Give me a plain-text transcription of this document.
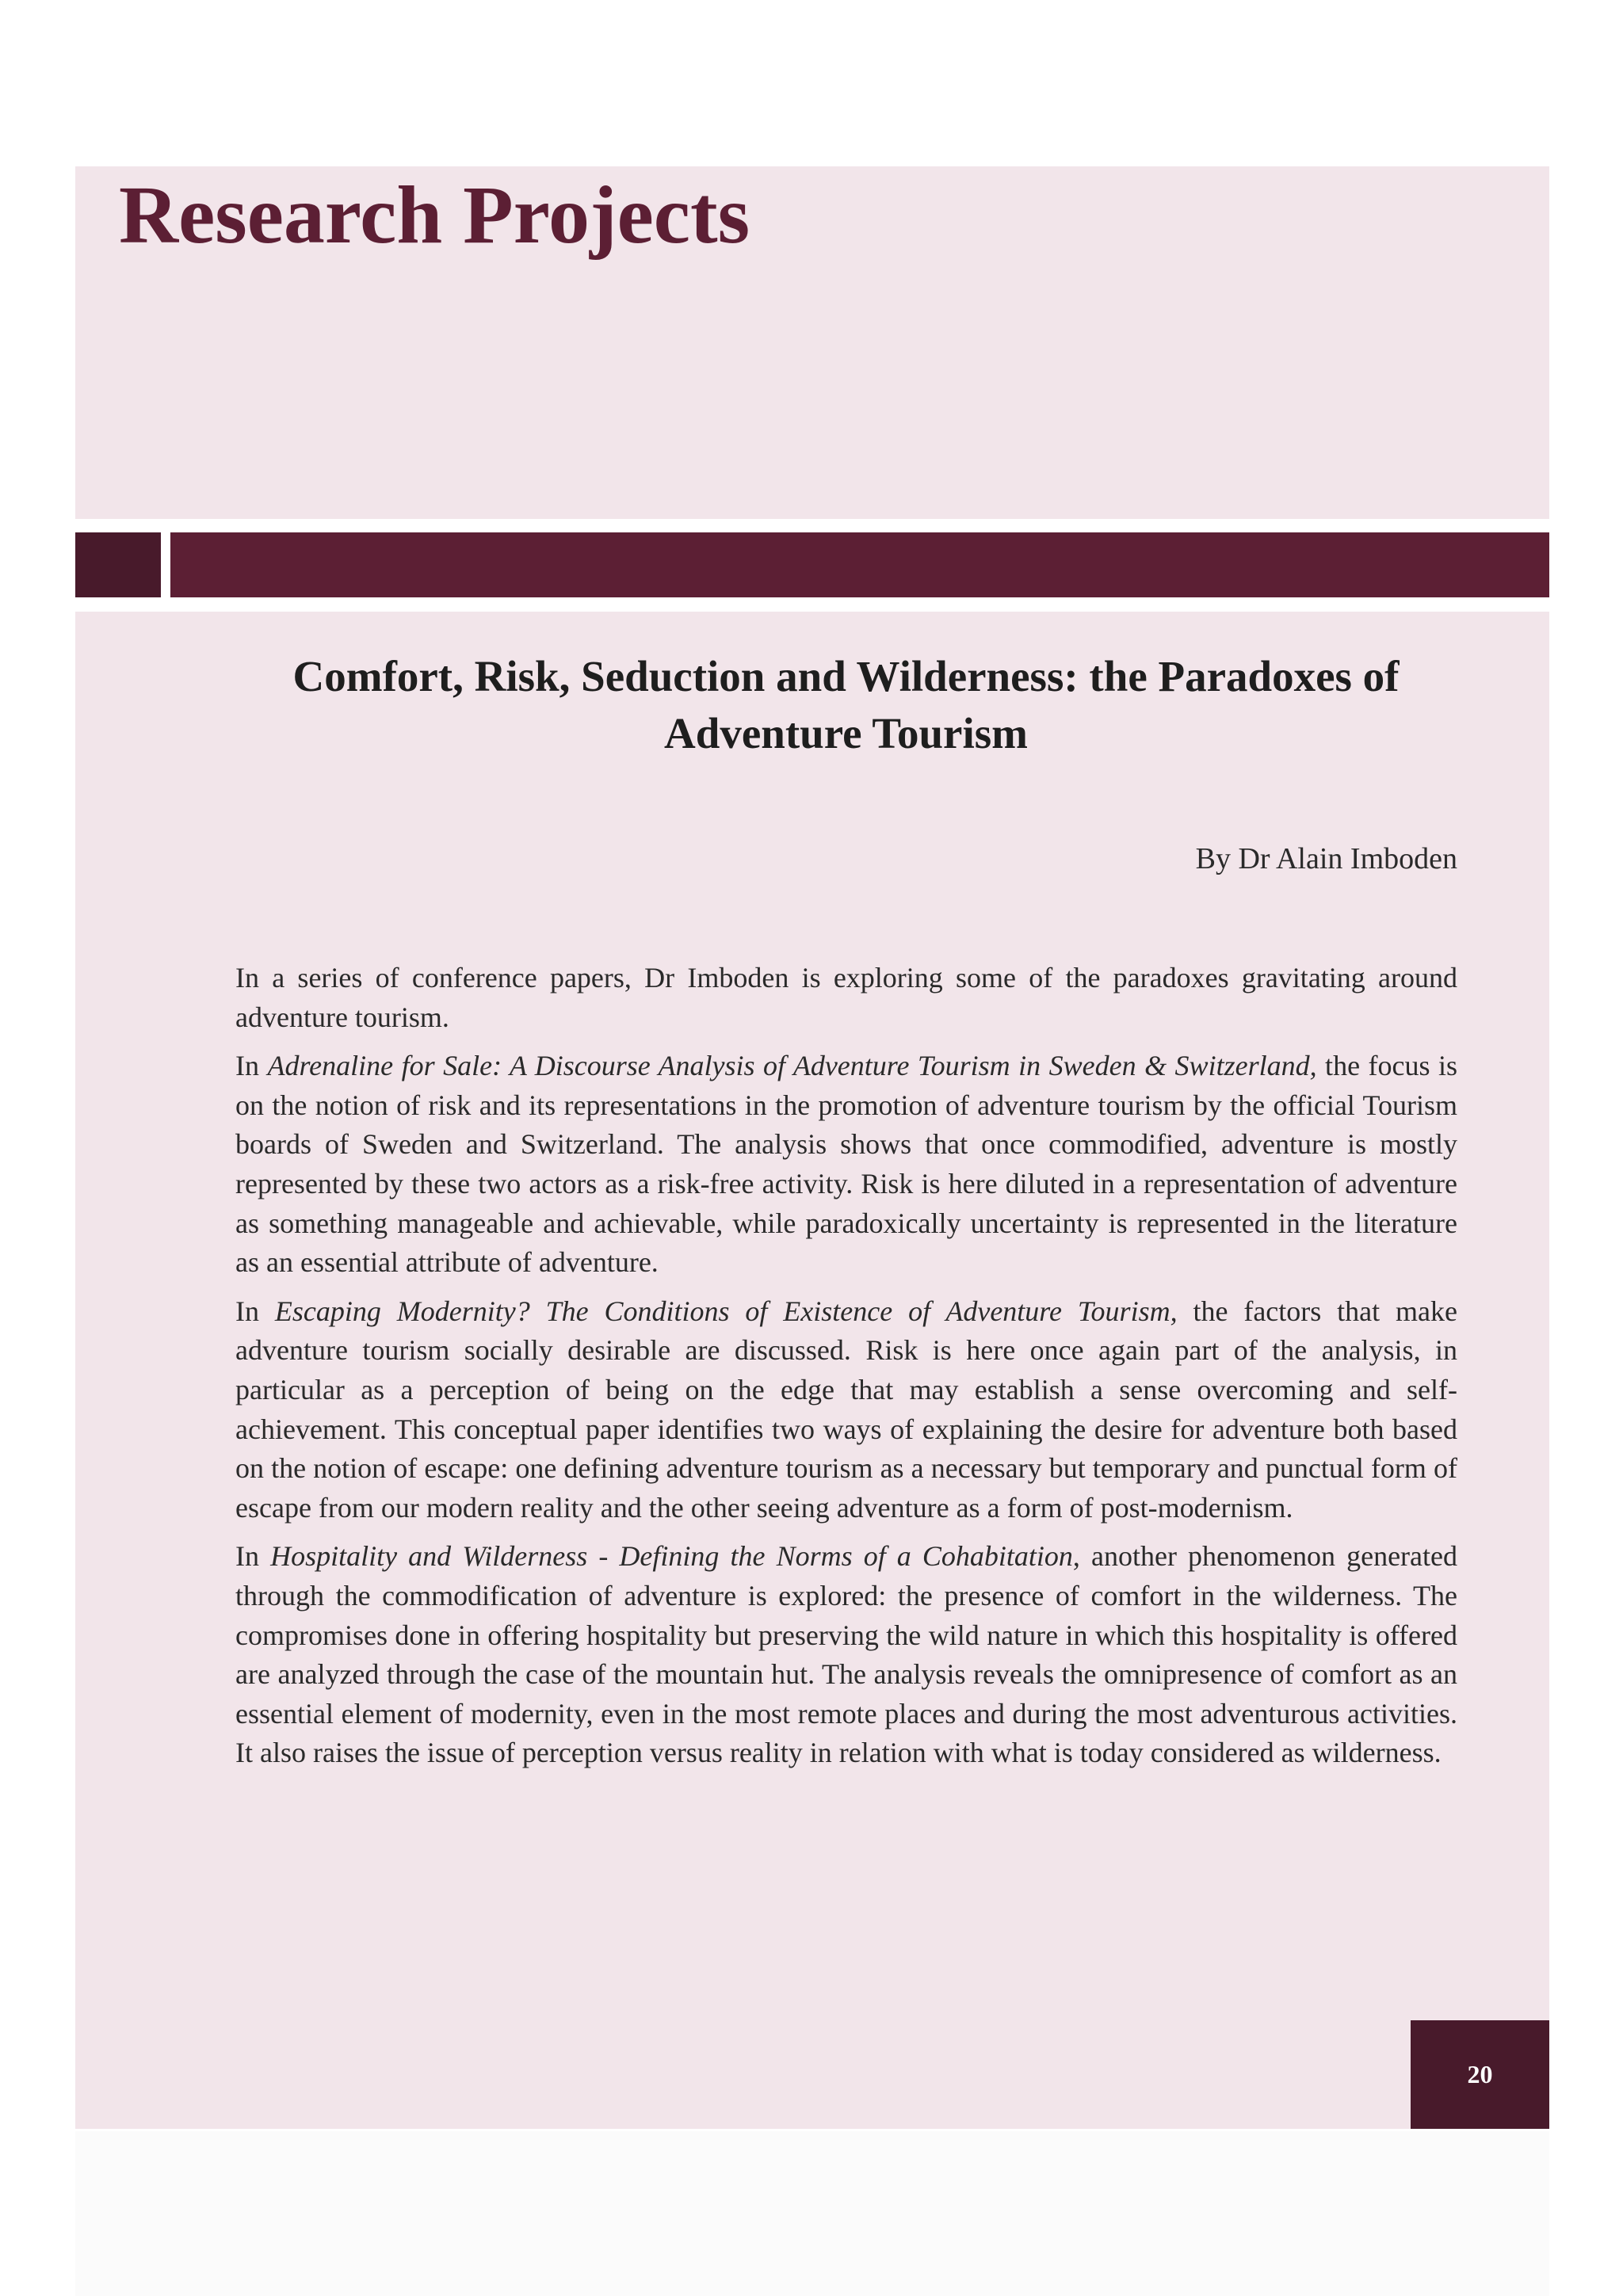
Research Projects
Comfort, Risk, Seduction and Wilderness: the Paradoxes of Adventure Tourism

By Dr Alain Imboden

In a series of conference papers, Dr Imboden is exploring some of the paradoxes gravitating around adventure tourism.

In Adrenaline for Sale: A Discourse Analysis of Adventure Tourism in Sweden & Switzerland, the focus is on the notion of risk and its representations in the promotion of adventure tourism by the official Tourism boards of Sweden and Switzerland. The analysis shows that once commodified, adventure is mostly represented by these two actors as a risk-free activity. Risk is here diluted in a representation of adventure as something manageable and achievable, while paradoxically uncertainty is represented in the literature as an essential attribute of adventure.

In Escaping Modernity? The Conditions of Existence of Adventure Tourism, the factors that make adventure tourism socially desirable are discussed. Risk is here once again part of the analysis, in particular as a perception of being on the edge that may establish a sense overcoming and self-achievement. This conceptual paper identifies two ways of explaining the desire for adventure both based on the notion of escape: one defining adventure tourism as a necessary but temporary and punctual form of escape from our modern reality and the other seeing adventure as a form of post-modernism.

In Hospitality and Wilderness - Defining the Norms of a Cohabitation, another phenomenon generated through the commodification of adventure is explored: the presence of comfort in the wilderness. The compromises done in offering hospitality but preserving the wild nature in which this hospitality is offered are analyzed through the case of the mountain hut. The analysis reveals the omnipresence of comfort as an essential element of modernity, even in the most remote places and during the most adventurous activities. It also raises the issue of perception versus reality in relation with what is today considered as wilderness.

20
